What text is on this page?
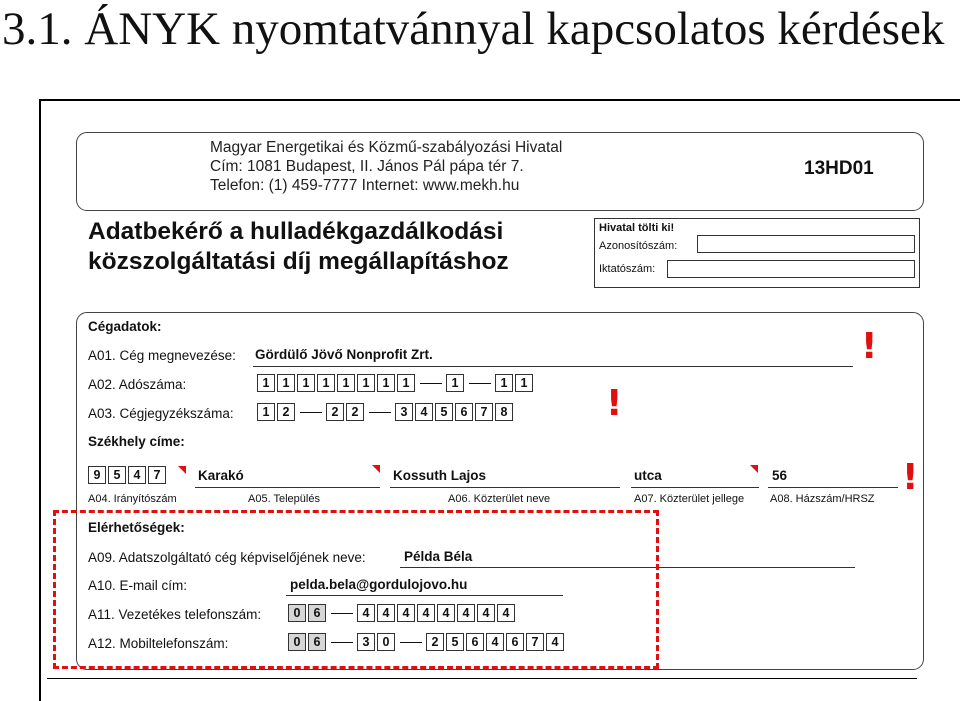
3.1. ÁNYK nyomtatvánnyal kapcsolatos kérdések
Magyar Energetikai és Közmű-szabályozási Hivatal
Cím: 1081 Budapest, II. János Pál pápa tér 7.
Telefon: (1) 459-7777 Internet: www.mekh.hu
13HD01
Adatbekérő a hulladékgazdálkodási
közszolgáltatási díj megállapításhoz
Hivatal tölti ki!
Azonosítószám:
Iktatószám:
Cégadatok:
A01. Cég megnevezése: Gördülő Jövő Nonprofit Zrt.
A02. Adószáma:	1	1	1	1	1	1	1	1	1	1	1
A03. Cégjegyzékszáma:	1	2	2	2	3	4	5	6	7	8
Székhely címe:
9	5	4	7	Karakó	Kossuth Lajos	utca	56
A04. Irányítószám	A05. Település	A06. Közterület neve	A07. Közterület jellege A08. Házszám/HRSZ
Elérhetőségek:
A09. Adatszolgáltató cég képviselőjének neve:	Példa Béla
A10. E-mail cím:	pelda.bela@gordulojovo.hu
A11. Vezetékes telefonszám:	0	6	4	4	4	4	4	4	4	4
A12. Mobiltelefonszám:	0	6	3	0	2	5	6	4	6	7	4
!
!
!
